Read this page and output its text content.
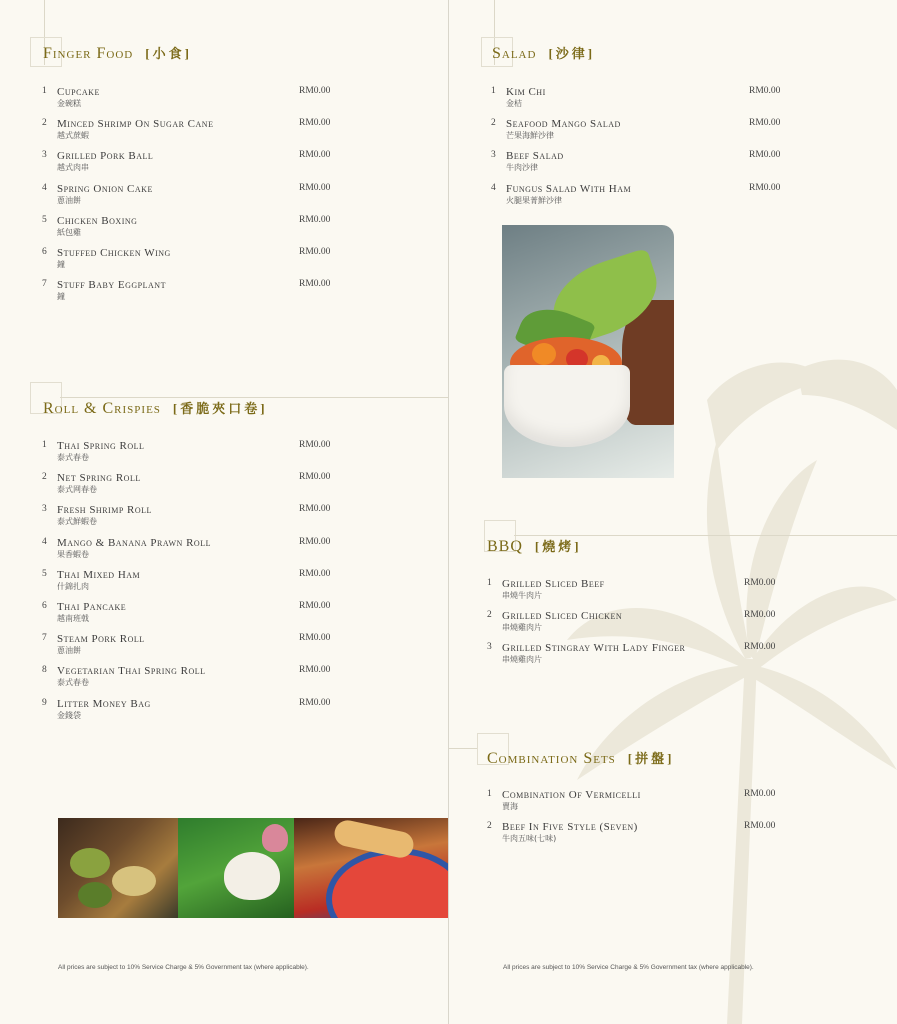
Finger Food [小食]
1 Cupcake
金碗糕
RM0.00
2 Minced Shrimp On Sugar Cane
越式蔗蝦
RM0.00
3 Grilled Pork Ball
越式肉串
RM0.00
4 Spring Onion Cake
蔥油餅
RM0.00
5 Chicken Boxing
紙包雞
RM0.00
6 Stuffed Chicken Wing
鐘
RM0.00
7 Stuff Baby Eggplant
鐘
RM0.00
Roll & Crispies [香脆夾口卷]
1 Thai Spring Roll
泰式春卷
RM0.00
2 Net Spring Roll
泰式网春卷
RM0.00
3 Fresh Shrimp Roll
泰式鮮蝦卷
RM0.00
4 Mango & Banana Prawn Roll
果香蝦卷
RM0.00
5 Thai Mixed Ham
什錦扎肉
RM0.00
6 Thai Pancake
越南班戟
RM0.00
7 Steam Pork Roll
蔥油餅
RM0.00
8 Vegetarian Thai Spring Roll
泰式春卷
RM0.00
9 Litter Money Bag
金錢袋
RM0.00

All prices are subject to 10% Service Charge & 5% Government tax (where applicable).

Salad [沙律]
1 Kim Chi
金桔
RM0.00
2 Seafood Mango Salad
芒果海鮮沙律
RM0.00
3 Beef Salad
牛肉沙律
RM0.00
4 Fungus Salad With Ham
火腿果菁鮮沙律
RM0.00
BBQ [燒烤]
1 Grilled Sliced Beef
串燒牛肉片
RM0.00
2 Grilled Sliced Chicken
串燒雞肉片
RM0.00
3 Grilled Stingray With Lady Finger
串燒雞肉片
RM0.00
Combination Sets [拼盤]
1 Combination Of Vermicelli
賣海
RM0.00
2 Beef In Five Style (Seven)
牛肉五味(七味)
RM0.00

All prices are subject to 10% Service Charge & 5% Government tax (where applicable).
